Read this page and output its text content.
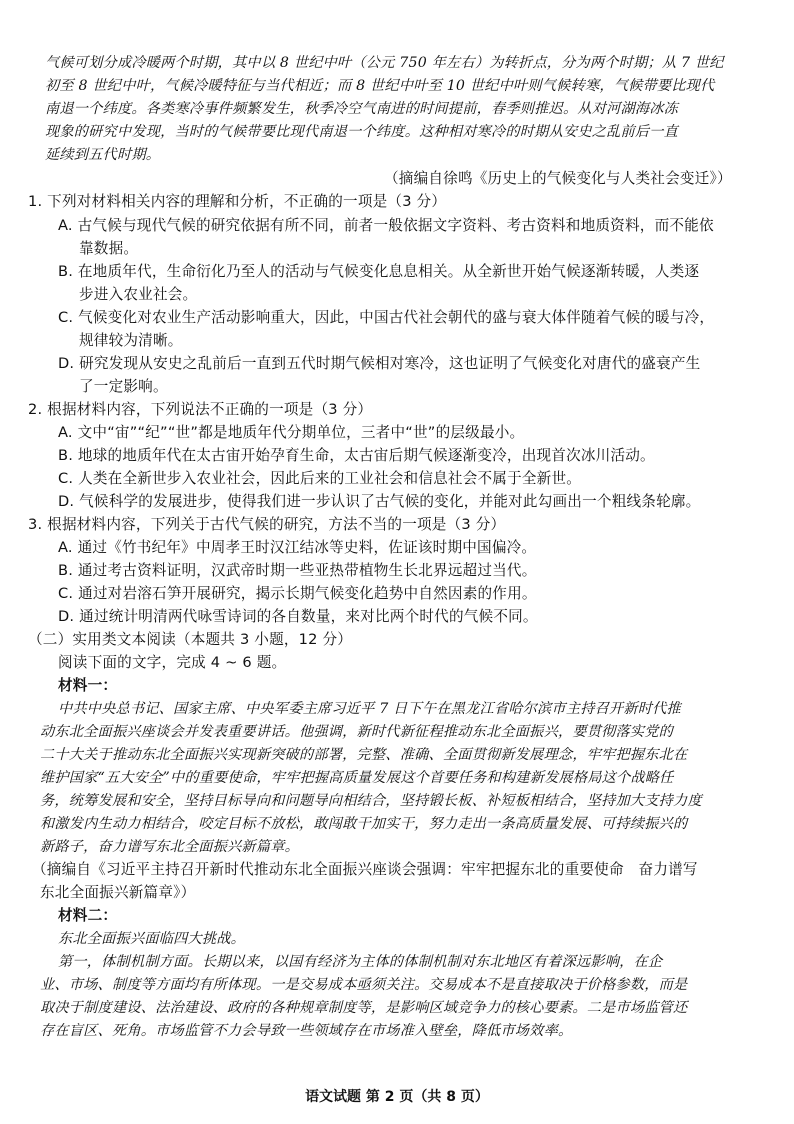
气候可划分成冷暖两个时期，其中以 8 世纪中叶（公元 750 年左右）为转折点，分为两个时期；从 7 世纪
初至 8 世纪中叶，气候冷暖特征与当代相近；而 8 世纪中叶至 10 世纪中叶则气候转寒，气候带要比现代
南退一个纬度。各类寒冷事件频繁发生，秋季冷空气南进的时间提前，春季则推迟。从对河湖海冰冻
现象的研究中发现，当时的气候带要比现代南退一个纬度。这种相对寒冷的时期从安史之乱前后一直
延续到五代时期。
（摘编自徐鸣《历史上的气候变化与人类社会变迁》）
1. 下列对材料相关内容的理解和分析，不正确的一项是（3 分）
A. 古气候与现代气候的研究依据有所不同，前者一般依据文字资料、考古资料和地质资料，而不能依
靠数据。
B. 在地质年代，生命衍化乃至人的活动与气候变化息息相关。从全新世开始气候逐渐转暖，人类逐
步进入农业社会。
C. 气候变化对农业生产活动影响重大，因此，中国古代社会朝代的盛与衰大体伴随着气候的暖与冷，
规律较为清晰。
D. 研究发现从安史之乱前后一直到五代时期气候相对寒冷，这也证明了气候变化对唐代的盛衰产生
了一定影响。
2. 根据材料内容，下列说法不正确的一项是（3 分）
A. 文中“宙”“纪”“世”都是地质年代分期单位，三者中“世”的层级最小。
B. 地球的地质年代在太古宙开始孕育生命，太古宙后期气候逐渐变冷，出现首次冰川活动。
C. 人类在全新世步入农业社会，因此后来的工业社会和信息社会不属于全新世。
D. 气候科学的发展进步，使得我们进一步认识了古气候的变化，并能对此勾画出一个粗线条轮廓。
3. 根据材料内容，下列关于古代气候的研究，方法不当的一项是（3 分）
A. 通过《竹书纪年》中周孝王时汉江结冰等史料，佐证该时期中国偏冷。
B. 通过考古资料证明，汉武帝时期一些亚热带植物生长北界远超过当代。
C. 通过对岩溶石笋开展研究，揭示长期气候变化趋势中自然因素的作用。
D. 通过统计明清两代咏雪诗词的各自数量，来对比两个时代的气候不同。
（二）实用类文本阅读（本题共 3 小题，12 分）
阅读下面的文字，完成 4 ~ 6 题。
材料一：
中共中央总书记、国家主席、中央军委主席习近平 7 日下午在黑龙江省哈尔滨市主持召开新时代推
动东北全面振兴座谈会并发表重要讲话。他强调，新时代新征程推动东北全面振兴，要贯彻落实党的
二十大关于推动东北全面振兴实现新突破的部署，完整、准确、全面贯彻新发展理念，牢牢把握东北在
维护国家“五大安全”中的重要使命，牢牢把握高质量发展这个首要任务和构建新发展格局这个战略任
务，统筹发展和安全，坚持目标导向和问题导向相结合，坚持锻长板、补短板相结合，坚持加大支持力度
和激发内生动力相结合，咬定目标不放松，敢闯敢干加实干，努力走出一条高质量发展、可持续振兴的
新路子，奋力谱写东北全面振兴新篇章。
（摘编自《习近平主持召开新时代推动东北全面振兴座谈会强调：牢牢把握东北的重要使命　奋力谱写
东北全面振兴新篇章》）
材料二：
东北全面振兴面临四大挑战。
第一，体制机制方面。长期以来，以国有经济为主体的体制机制对东北地区有着深远影响，在企
业、市场、制度等方面均有所体现。一是交易成本亟须关注。交易成本不是直接取决于价格参数，而是
取决于制度建设、法治建设、政府的各种规章制度等，是影响区域竞争力的核心要素。二是市场监管还
存在盲区、死角。市场监管不力会导致一些领域存在市场准入壁垒，降低市场效率。
语文试题 第 2 页（共 8 页）
